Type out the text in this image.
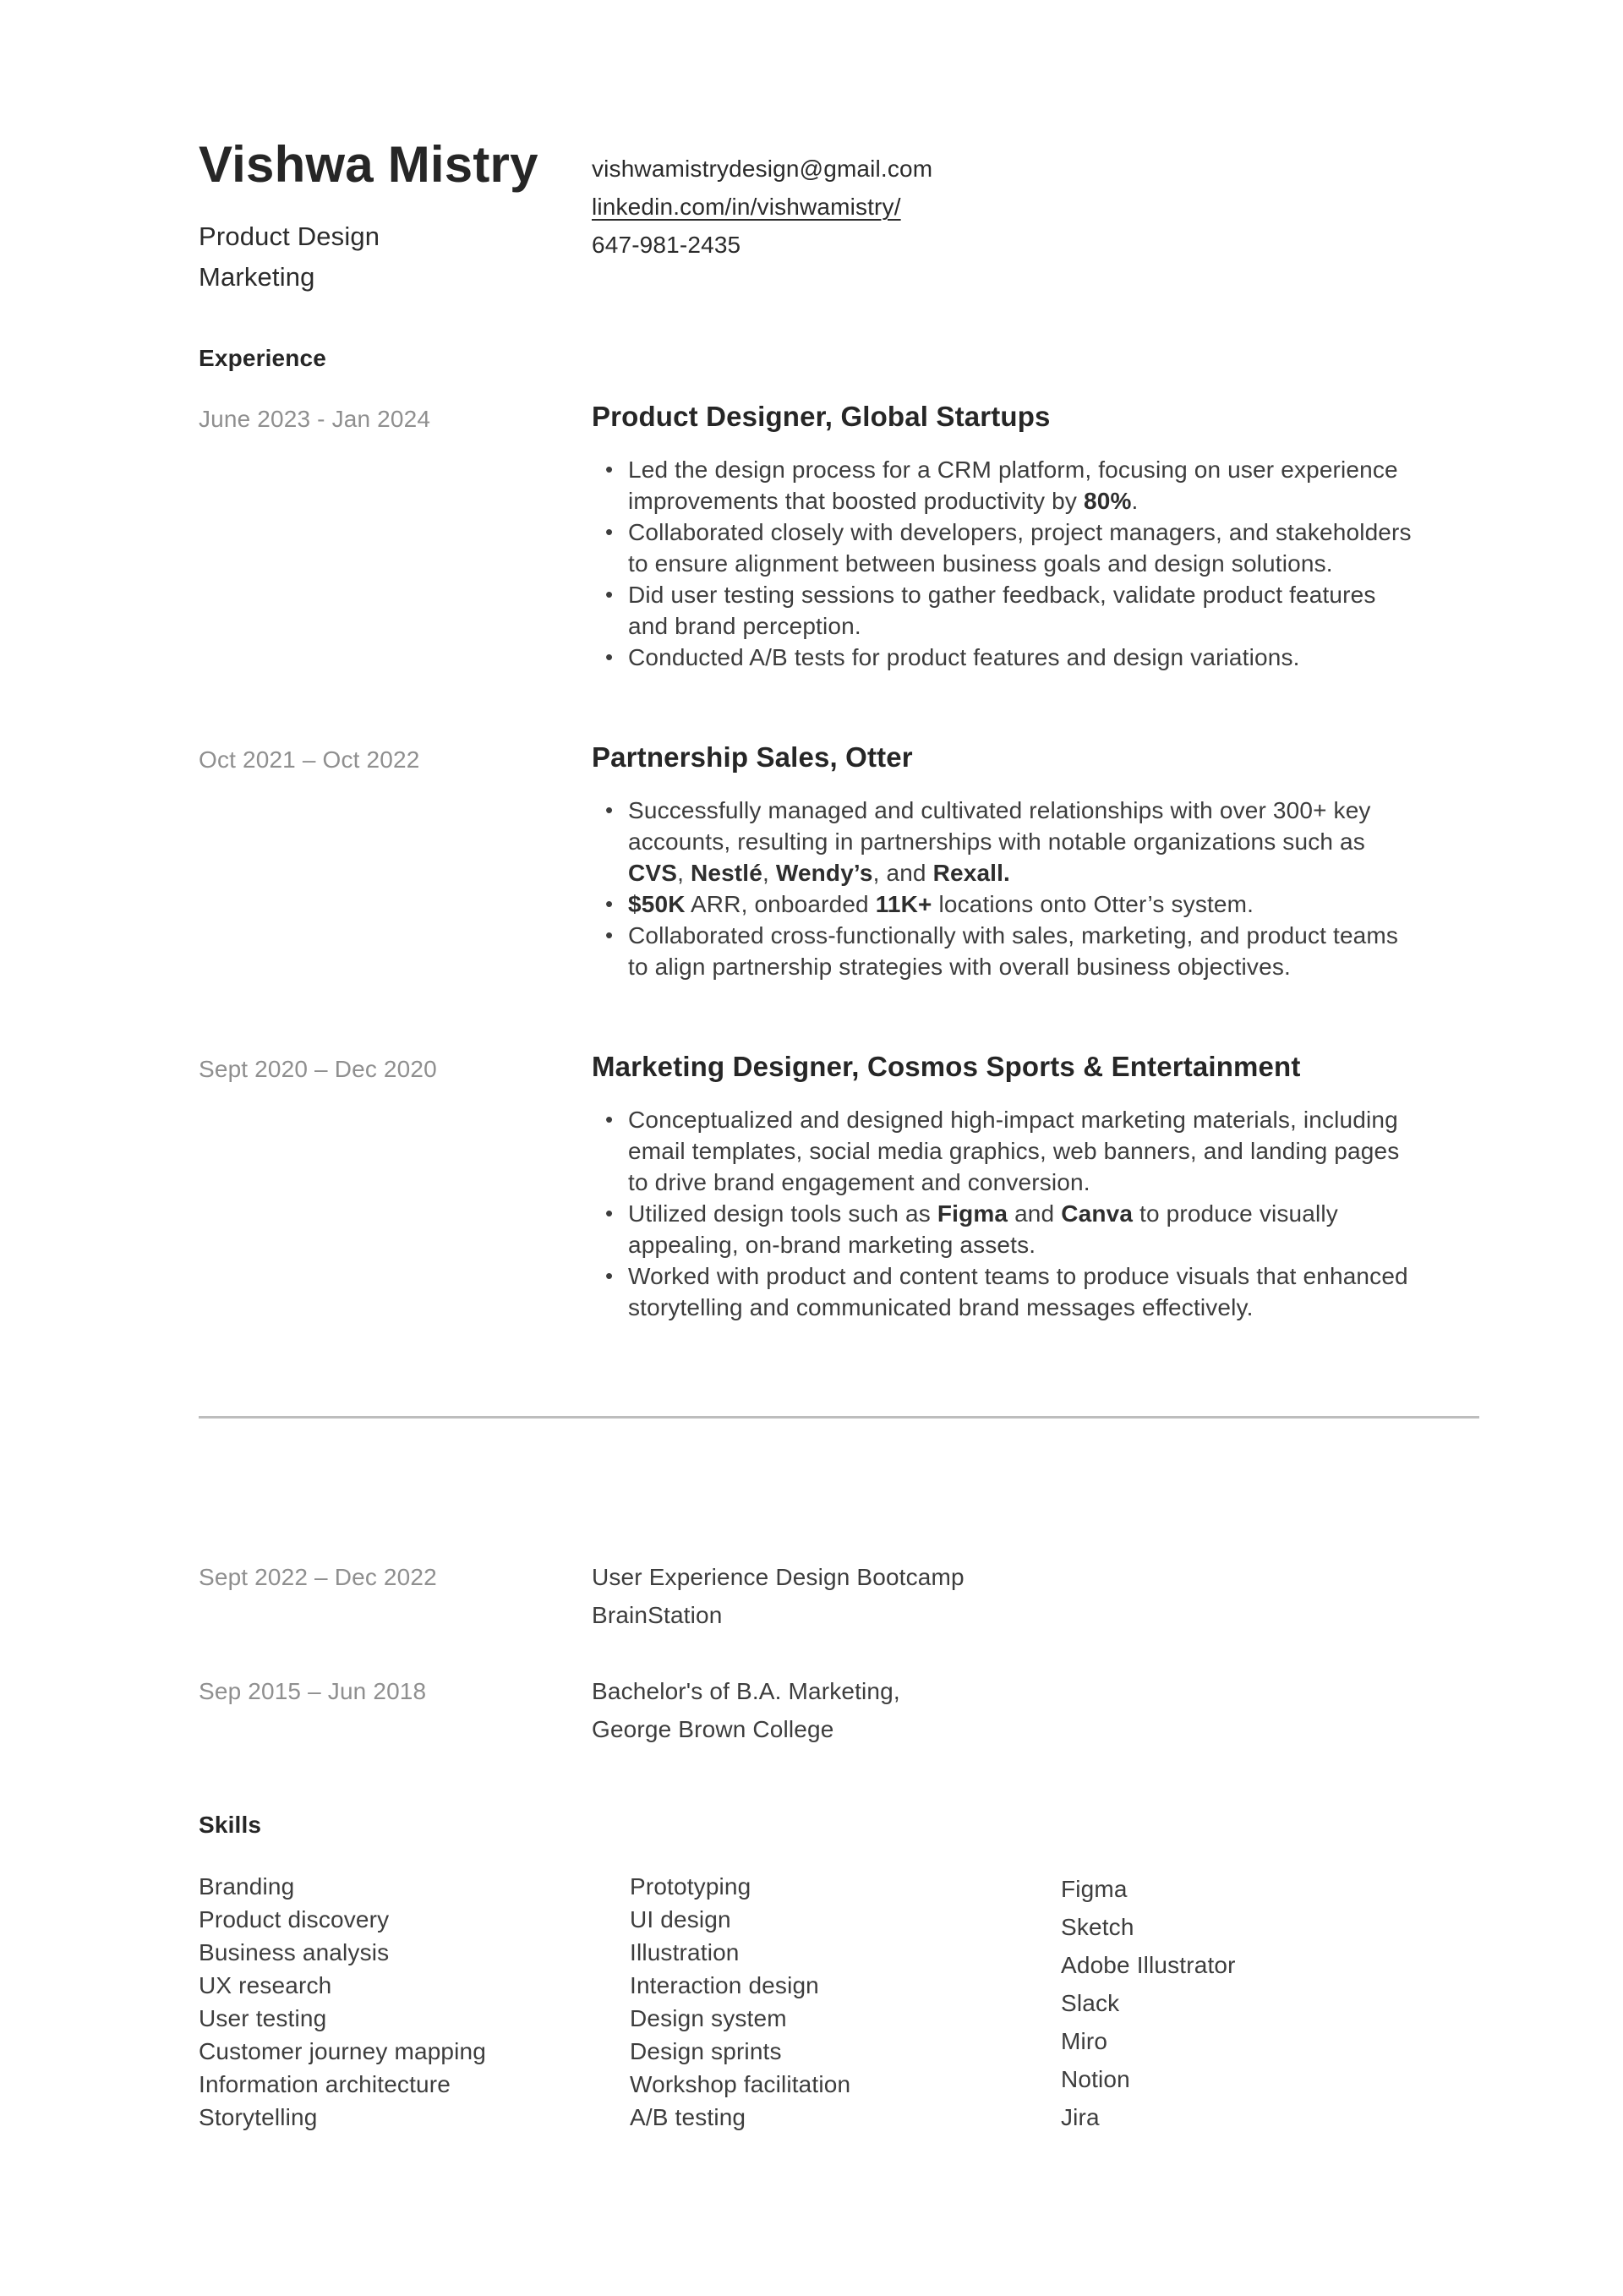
Vishwa Mistry
Product Design
Marketing
vishwamistrydesign@gmail.com
linkedin.com/in/vishwamistry/
647-981-2435
Experience
June 2023 - Jan 2024	Product Designer, Global Startups
• Led the design process for a CRM platform, focusing on user experience improvements that boosted productivity by 80%.
• Collaborated closely with developers, project managers, and stakeholders to ensure alignment between business goals and design solutions.
• Did user testing sessions to gather feedback, validate product features and brand perception.
• Conducted A/B tests for product features and design variations.
Oct 2021 – Oct 2022	Partnership Sales, Otter
• Successfully managed and cultivated relationships with over 300+ key accounts, resulting in partnerships with notable organizations such as CVS, Nestlé, Wendy’s, and Rexall.
• $50K ARR, onboarded 11K+ locations onto Otter’s system.
• Collaborated cross-functionally with sales, marketing, and product teams to align partnership strategies with overall business objectives.
Sept 2020 – Dec 2020	Marketing Designer, Cosmos Sports & Entertainment
• Conceptualized and designed high-impact marketing materials, including email templates, social media graphics, web banners, and landing pages to drive brand engagement and conversion.
• Utilized design tools such as Figma and Canva to produce visually appealing, on-brand marketing assets.
• Worked with product and content teams to produce visuals that enhanced storytelling and communicated brand messages effectively.
Sept 2022 – Dec 2022	User Experience Design Bootcamp
BrainStation
Sep 2015 – Jun 2018	Bachelor's of B.A. Marketing,
George Brown College
Skills
Branding
Product discovery
Business analysis
UX research
User testing
Customer journey mapping
Information architecture
Storytelling
Prototyping
UI design
Illustration
Interaction design
Design system
Design sprints
Workshop facilitation
A/B testing
Figma
Sketch
Adobe Illustrator
Slack
Miro
Notion
Jira
